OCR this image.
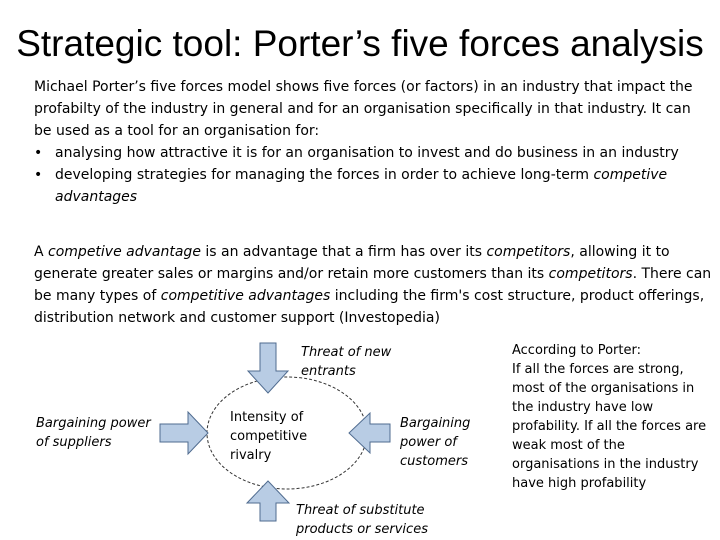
Strategic tool: Porter’s five forces analysis

Michael Porter’s five forces model shows five forces (or factors) in an industry that impact the profabilty of the industry in general and for an organisation specifically in that industry. It can be used as a tool for an organisation for:

• analysing how attractive it is for an organisation to invest and do business in an industry
• developing strategies for managing the forces in order to achieve long-term competive advantages

A competive advantage is an advantage that a firm has over its competitors, allowing it to generate greater sales or margins and/or retain more customers than its competitors. There can be many types of competitive advantages including the firm's cost structure, product offerings, distribution network and customer support (Investopedia)

Threat of new
entrants
Bargaining power
of suppliers
Intensity of
competitive
rivalry
Bargaining
power of
customers
Threat of substitute
products or services
According to Porter:
If all the forces are strong,
most of the organisations in
the industry have low
profability. If all the forces are
weak most of the
organisations in the industry
have high profability
